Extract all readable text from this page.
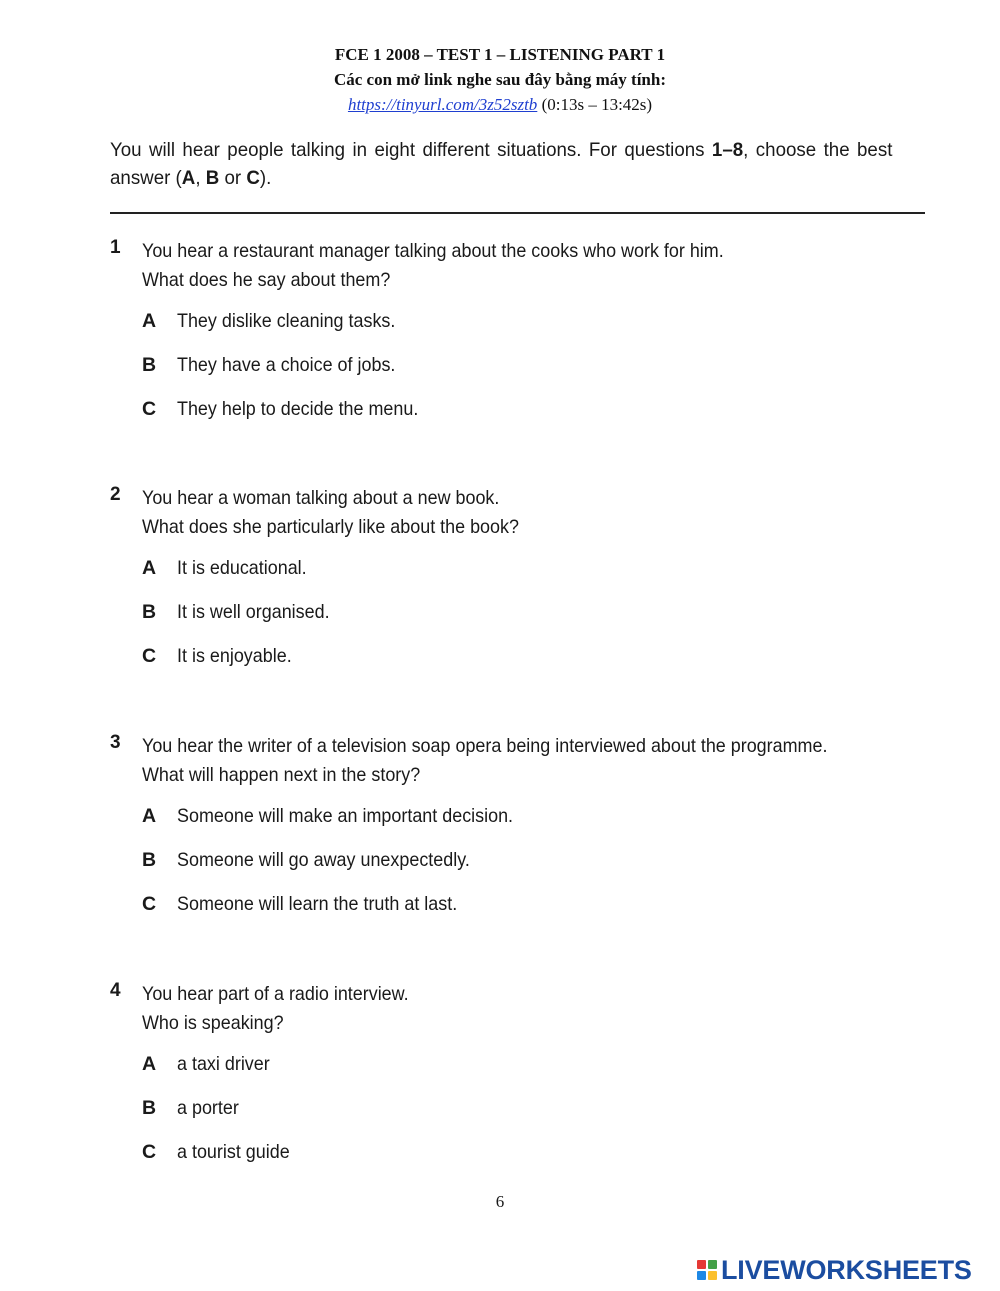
FCE 1 2008 – TEST 1 – LISTENING PART 1
Các con mở link nghe sau đây bằng máy tính:
https://tinyurl.com/3z52sztb (0:13s – 13:42s)
You will hear people talking in eight different situations. For questions 1–8, choose the best answer (A, B or C).
1 You hear a restaurant manager talking about the cooks who work for him.
What does he say about them?
A	They dislike cleaning tasks.
B	They have a choice of jobs.
C	They help to decide the menu.
2 You hear a woman talking about a new book.
What does she particularly like about the book?
A	It is educational.
B	It is well organised.
C	It is enjoyable.
3 You hear the writer of a television soap opera being interviewed about the programme.
What will happen next in the story?
A	Someone will make an important decision.
B	Someone will go away unexpectedly.
C	Someone will learn the truth at last.
4 You hear part of a radio interview.
Who is speaking?
A	a taxi driver
B	a porter
C	a tourist guide
6
LIVEWORKSHEETS
